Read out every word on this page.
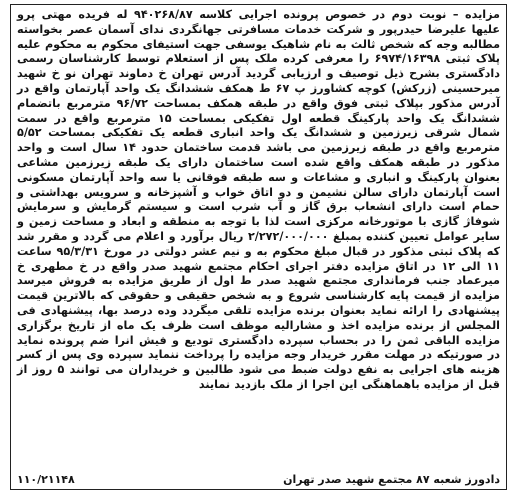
مزایده – نوبت دوم در خصوص پرونده اجرایی کلاسه ۹۴۰۲۶۸/۸۷ له فریده مهتی پرو علیها علیرضا حیدرپور و شرکت خدمات مسافرتی جهانگردی ندای آسمان عصر بخواسته مطالبه وجه که شخص ثالث به نام شاهیک یوسفی جهت استیفای محکوم به محکوم علیه پلاک ثبتی ۶۹۷۴/۱۶۳۹۸ را معرفی کرده ملک پس از استعلام توسط کارشناسان رسمی دادگستری بشرح ذیل توصیف و ارزیابی گردید آدرس تهران خ دماوند تهران نو خ شهید میرحسینی (زرکش) کوچه کشاورز پ ۶۷ ط همکف ششدانگ یک واحد آپارتمان واقع در آدرس مذکور بپلاک ثبتی فوق واقع در طبقه همکف بمساحت ۹۶/۷۲ مترمربع باتضمام ششدانگ یک واحد پارکینگ قطعه اول تفکیکی بمساحت ۱۵ مترمربع واقع در سمت شمال شرقی زیرزمین و ششدانگ یک واحد انباری قطعه یک تفکیکی بمساحت ۵/۵۲ مترمربع واقع در طبقه زیرزمین می باشد قدمت ساختمان حدود ۱۴ سال است و واحد مذکور در طبقه همکف واقع شده است ساختمان دارای یک طبقه زیرزمین مشاعی بعنوان پارکینگ و انباری و مشاعات و سه طبقه فوقانی یا سه واحد آپارتمان مسکونی است آپارتمان دارای سالن نشیمن و دو اتاق خواب و آشپزخانه و سرویس بهداشتی و حمام است دارای انشعاب برق گاز و آب شرب است و سیستم گرمایش و سرمایش شوفاژ گازی با موتورخانه مرکزی است لذا با توجه به منطقه و ابعاد و مساحت زمین و سایر عوامل تعیین کننده بمبلغ ۲/۲۷۲/۰۰۰/۰۰۰ ریال برآورد و اعلام می گردد و مقرر شد که پلاک ثبتی مذکور در قبال مبلغ محکوم به و نیم عشر دولتی در مورخ ۹۵/۳/۳۱ ساعت ۱۱ الی ۱۲ در اتاق مزایده دفتر اجرای احکام مجتمع شهید صدر واقع در خ مطهری خ میرعماد جنب فرمانداری مجتمع شهید صدر ط اول از طریق مزایده به فروش میرسد مزایده از قیمت پایه کارشناسی شروع و به شخص حقیقی و حقوقی که بالاترین قیمت پیشنهادی را ارائه نماید بعنوان برنده مزایده تلقی میگردد وده درصد بها، پیشنهادی فی المجلس از برنده مزایده اخذ و مشارالیه موظف است ظرف یک ماه از تاریخ برگزاری مزایده الباقی ثمن را در بحساب سپرده دادگستری تودیع و فیش انرا ضم پرونده نماید در صورتیکه در مهلت مقرر خریدار وجه مزایده را پرداخت ننماید سپرده وی پس از کسر هزینه های اجرایی به نفع دولت ضبط می شود طالبین و خریداران می توانند ۵ روز از قبل از مزایده باهماهنگی این اجرا از ملک بازدید نمایند

دادورز شعبه ۸۷ مجتمع شهید صدر تهران
۱۱۰/۲۱۱۴۸
